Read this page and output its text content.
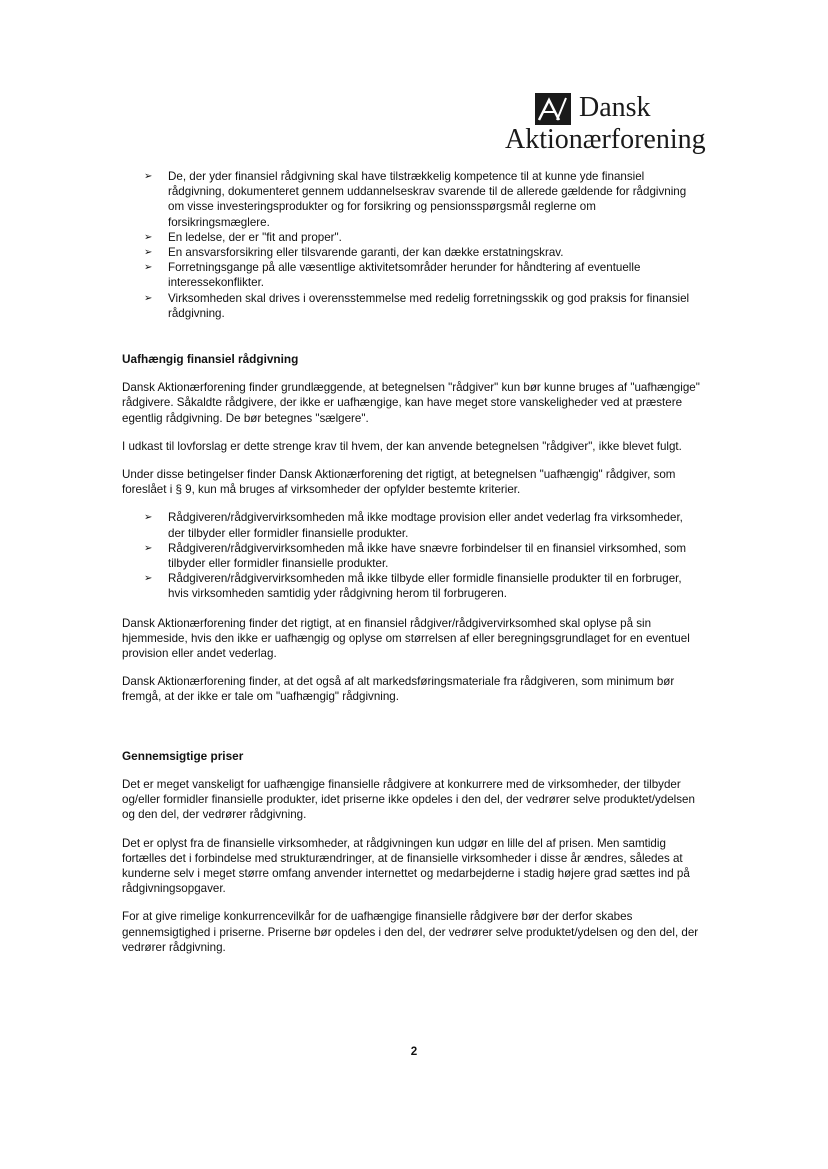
Dansk
Aktionærforening
➢ De, der yder finansiel rådgivning skal have tilstrækkelig kompetence til at kunne yde finansiel rådgivning, dokumenteret gennem uddannelseskrav svarende til de allerede gældende for rådgivning om visse investeringsprodukter og for forsikring og pensionsspørgsmål reglerne om forsikringsmæglere.
➢ En ledelse, der er "fit and proper".
➢ En ansvarsforsikring eller tilsvarende garanti, der kan dække erstatningskrav.
➢ Forretningsgange på alle væsentlige aktivitetsområder herunder for håndtering af eventuelle interessekonflikter.
➢ Virksomheden skal drives i overensstemmelse med redelig forretningsskik og god praksis for finansiel rådgivning.
Uafhængig finansiel rådgivning

Dansk Aktionærforening finder grundlæggende, at betegnelsen "rådgiver" kun bør kunne bruges af "uafhængige" rådgivere. Såkaldte rådgivere, der ikke er uafhængige, kan have meget store vanskeligheder ved at præstere egentlig rådgivning. De bør betegnes "sælgere".

I udkast til lovforslag er dette strenge krav til hvem, der kan anvende betegnelsen "rådgiver", ikke blevet fulgt.

Under disse betingelser finder Dansk Aktionærforening det rigtigt, at betegnelsen "uafhængig" rådgiver, som foreslået i § 9, kun må bruges af virksomheder der opfylder bestemte kriterier.

➢ Rådgiveren/rådgivervirksomheden må ikke modtage provision eller andet vederlag fra virksomheder, der tilbyder eller formidler finansielle produkter.
➢ Rådgiveren/rådgivervirksomheden må ikke have snævre forbindelser til en finansiel virksomhed, som tilbyder eller formidler finansielle produkter.
➢ Rådgiveren/rådgivervirksomheden må ikke tilbyde eller formidle finansielle produkter til en forbruger, hvis virksomheden samtidig yder rådgivning herom til forbrugeren.

Dansk Aktionærforening finder det rigtigt, at en finansiel rådgiver/rådgivervirksomhed skal oplyse på sin hjemmeside, hvis den ikke er uafhængig og oplyse om størrelsen af eller beregningsgrundlaget for en eventuel provision eller andet vederlag.

Dansk Aktionærforening finder, at det også af alt markedsføringsmateriale fra rådgiveren, som minimum bør fremgå, at der ikke er tale om "uafhængig" rådgivning.

Gennemsigtige priser

Det er meget vanskeligt for uafhængige finansielle rådgivere at konkurrere med de virksomheder, der tilbyder og/eller formidler finansielle produkter, idet priserne ikke opdeles i den del, der vedrører selve produktet/ydelsen og den del, der vedrører rådgivning.

Det er oplyst fra de finansielle virksomheder, at rådgivningen kun udgør en lille del af prisen. Men samtidig fortælles det i forbindelse med strukturændringer, at de finansielle virksomheder i disse år ændres, således at kunderne selv i meget større omfang anvender internettet og medarbejderne i stadig højere grad sættes ind på rådgivningsopgaver.

For at give rimelige konkurrencevilkår for de uafhængige finansielle rådgivere bør der derfor skabes gennemsigtighed i priserne. Priserne bør opdeles i den del, der vedrører selve produktet/ydelsen og den del, der vedrører rådgivning.

2
